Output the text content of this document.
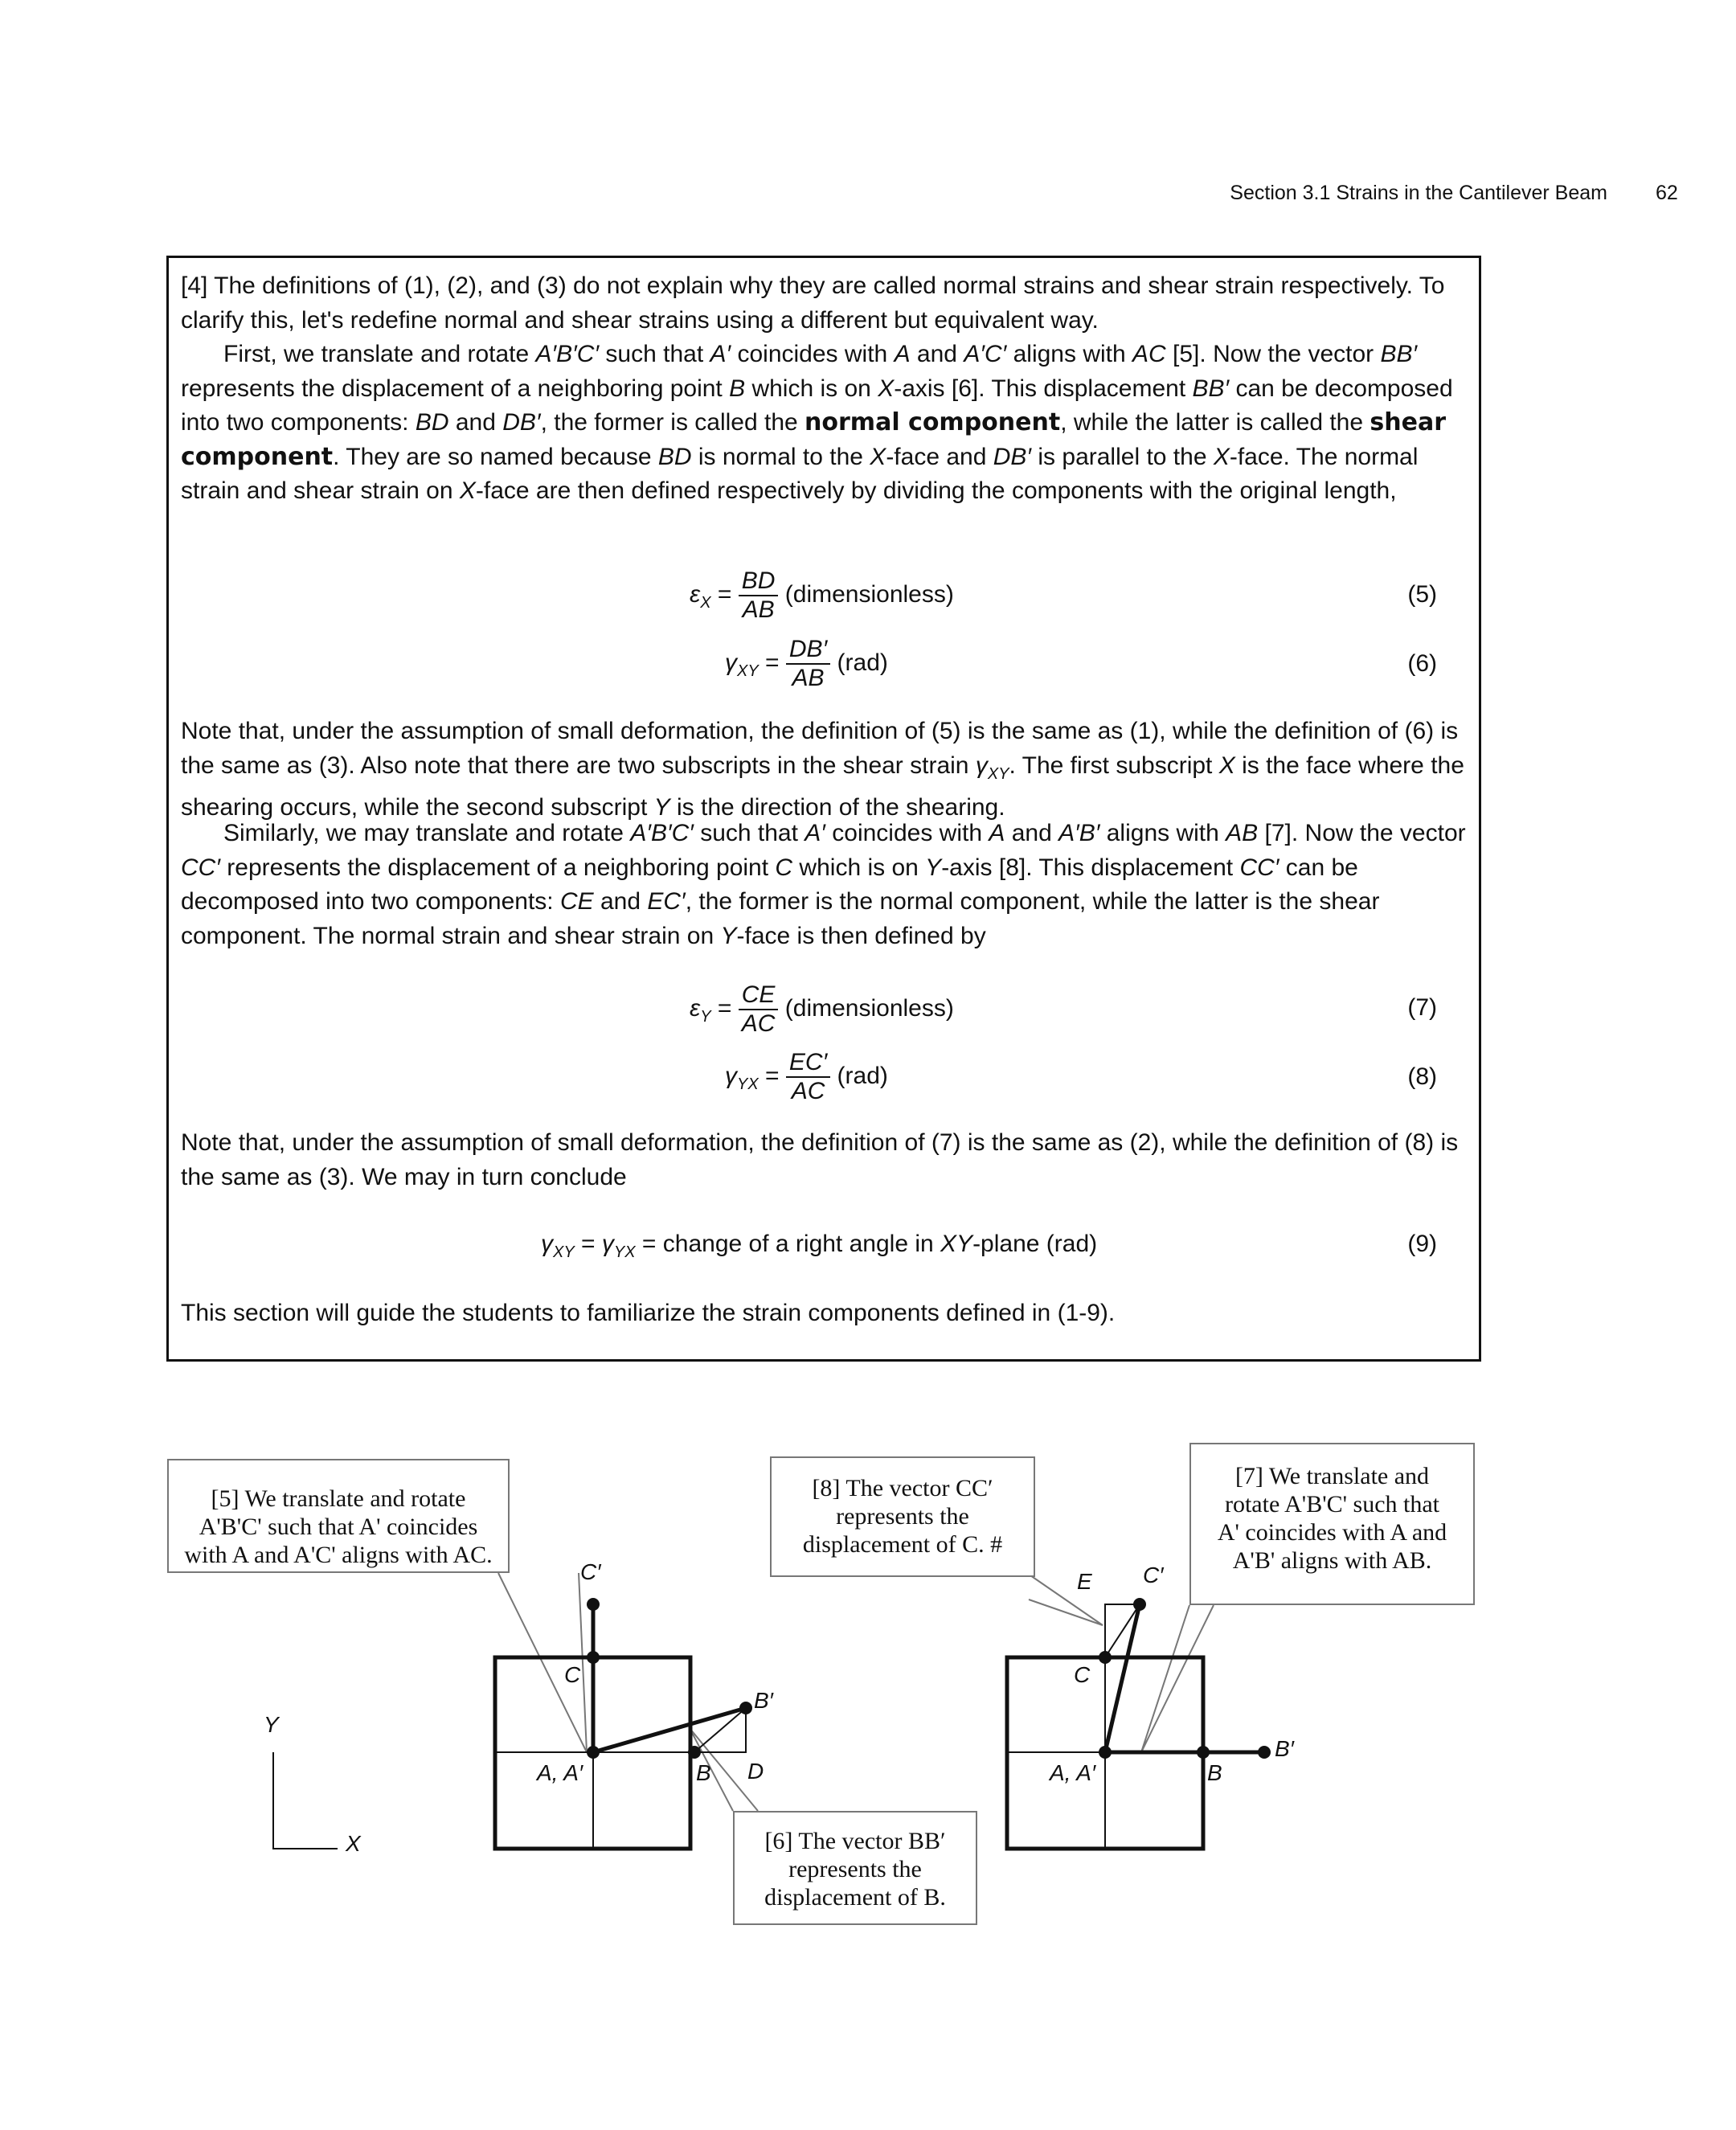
Section 3.1 Strains in the Cantilever Beam 62
[4] The definitions of (1), (2), and (3) do not explain why they are called normal strains and shear strain respectively. To clarify this, let's redefine normal and shear strains using a different but equivalent way.
First, we translate and rotate A′B′C′ such that A′ coincides with A and A′C′ aligns with AC [5]. Now the vector BB′ represents the displacement of a neighboring point B which is on X-axis [6]. This displacement BB′ can be decomposed into two components: BD and DB′, the former is called the normal component, while the latter is called the shear component. They are so named because BD is normal to the X-face and DB′ is parallel to the X-face. The normal strain and shear strain on X-face are then defined respectively by dividing the components with the original length,
$\varepsilon_X = \frac{BD}{AB}$ (dimensionless)	(5)
$\gamma_{XY} = \frac{DB'}{AB} (rad)$	(6)
Note that, under the assumption of small deformation, the definition of (5) is the same as (1), while the definition of (6) is the same as (3). Also note that there are two subscripts in the shear strain $\gamma_{XY}$. The first subscript X is the face where the shearing occurs, while the second subscript Y is the direction of the shearing.
Similarly, we may translate and rotate A′B′C′ such that A′ coincides with A and A′B′ aligns with AB [7]. Now the vector CC′ represents the displacement of a neighboring point C which is on Y-axis [8]. This displacement CC′ can be decomposed into two components: CE and EC′, the former is the normal component, while the latter is the shear component. The normal strain and shear strain on Y-face is then defined by
$\varepsilon_Y = \frac{CE}{AC}$ (dimensionless)	(7)
$\gamma_{YX} = \frac{EC'}{AC} (rad)$	(8)
Note that, under the assumption of small deformation, the definition of (7) is the same as (2), while the definition of (8) is the same as (3). We may in turn conclude
$\gamma_{XY} = \gamma_{YX}$ = change of a right angle in XY-plane (rad)	(9)
This section will guide the students to familiarize the strain components defined in (1-9).
Y
X
C′
C
B′
A, A′	B D
E C′
C
A, A′	B
B′
[5] We translate and rotate
A'B'C' such that A' coincides
with A and A'C' aligns with AC.
[8] The vector CC′
represents the
displacement of C. #
[7] We translate and
rotate A'B'C' such that
A' coincides with A and
A'B' aligns with AB.
[6] The vector BB′
represents the
displacement of B.
